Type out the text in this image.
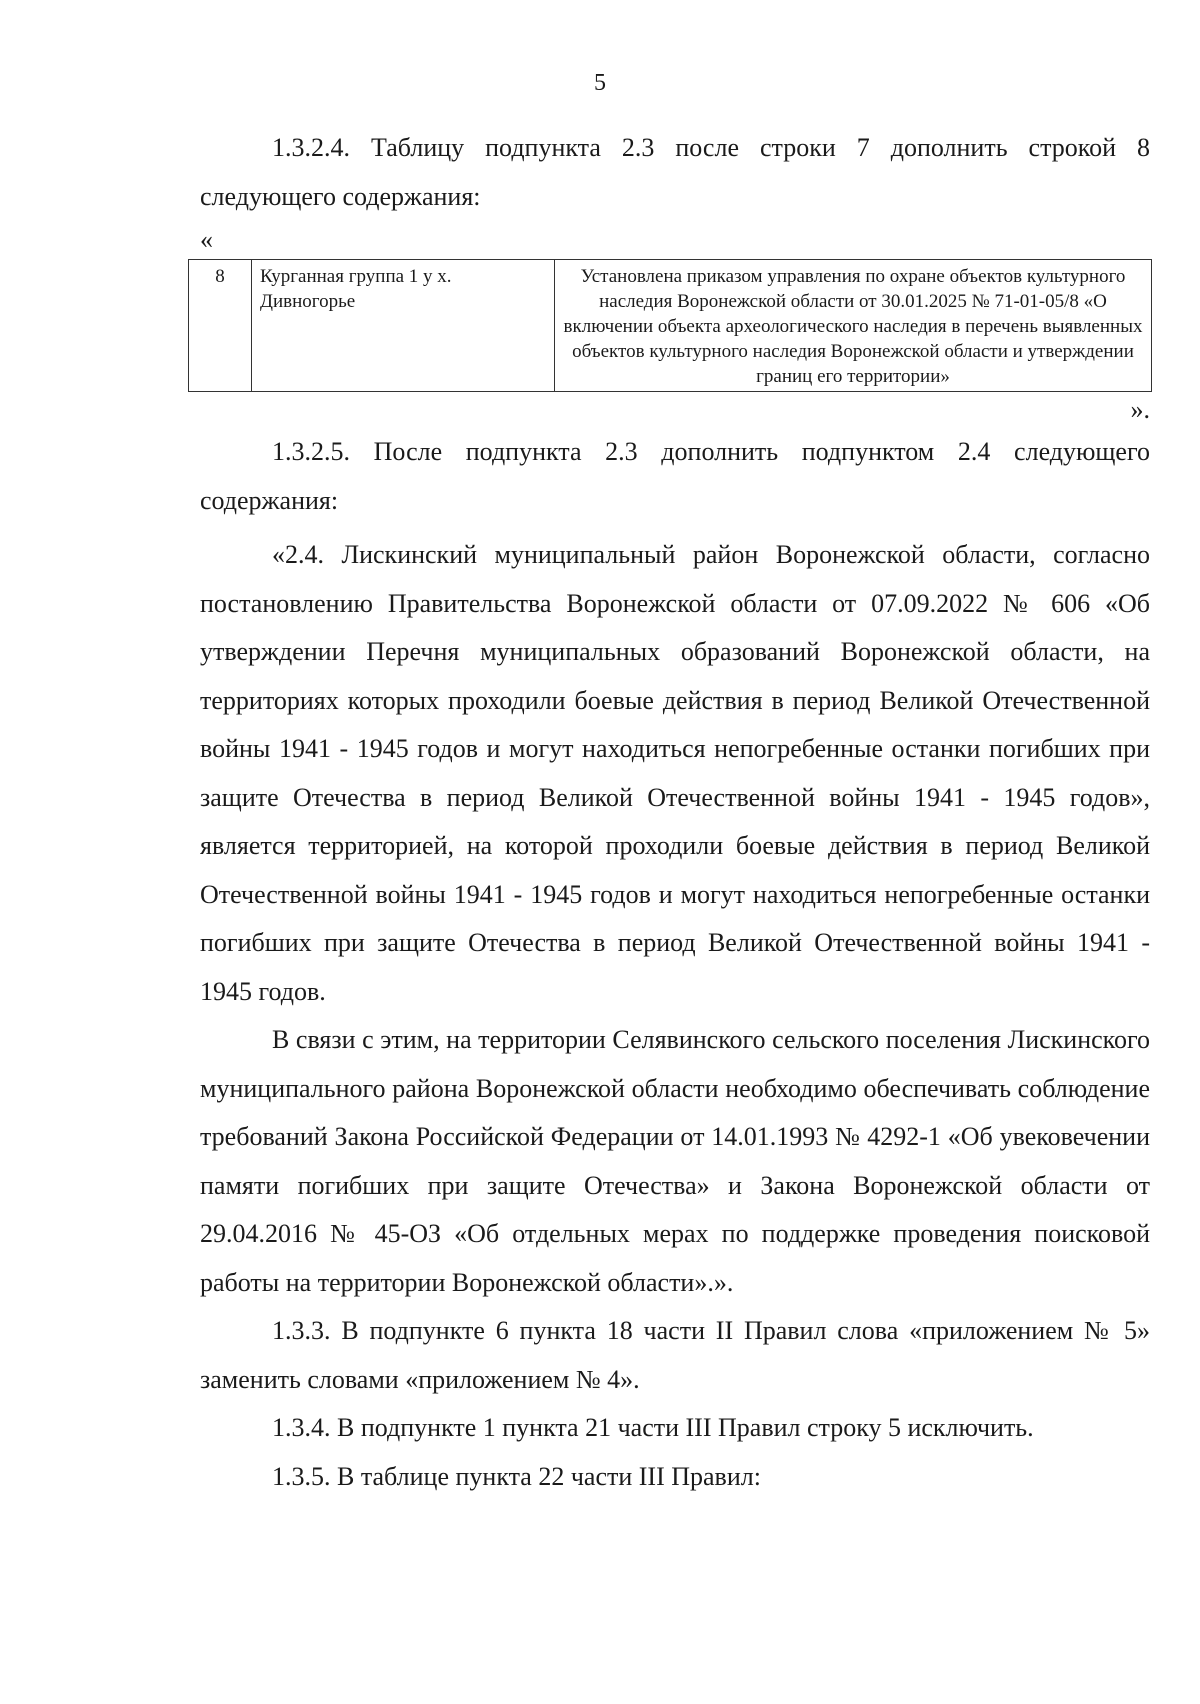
5

1.3.2.4. Таблицу подпункта 2.3 после строки 7 дополнить строкой 8 следующего содержания:

«

8	Курганная группа 1 у х. Дивногорье	Установлена приказом управления по охране объектов культурного наследия Воронежской области от 30.01.2025 № 71-01-05/8 «О включении объекта археологического наследия в перечень выявленных объектов культурного наследия Воронежской области и утверждении границ его территории»

».

1.3.2.5. После подпункта 2.3 дополнить подпунктом 2.4 следующего содержания:

«2.4. Лискинский муниципальный район Воронежской области, согласно постановлению Правительства Воронежской области от 07.09.2022 № 606 «Об утверждении Перечня муниципальных образований Воронежской области, на территориях которых проходили боевые действия в период Великой Отечественной войны 1941 - 1945 годов и могут находиться непогребенные останки погибших при защите Отечества в период Великой Отечественной войны 1941 - 1945 годов», является территорией, на которой проходили боевые действия в период Великой Отечественной войны 1941 - 1945 годов и могут находиться непогребенные останки погибших при защите Отечества в период Великой Отечественной войны 1941 - 1945 годов.

В связи с этим, на территории Селявинского сельского поселения Лискинского муниципального района Воронежской области необходимо обеспечивать соблюдение требований Закона Российской Федерации от 14.01.1993 № 4292-1 «Об увековечении памяти погибших при защите Отечества» и Закона Воронежской области от 29.04.2016 № 45-ОЗ «Об отдельных мерах по поддержке проведения поисковой работы на территории Воронежской области».».

1.3.3. В подпункте 6 пункта 18 части II Правил слова «приложением № 5» заменить словами «приложением № 4».

1.3.4. В подпункте 1 пункта 21 части III Правил строку 5 исключить.

1.3.5. В таблице пункта 22 части III Правил:
